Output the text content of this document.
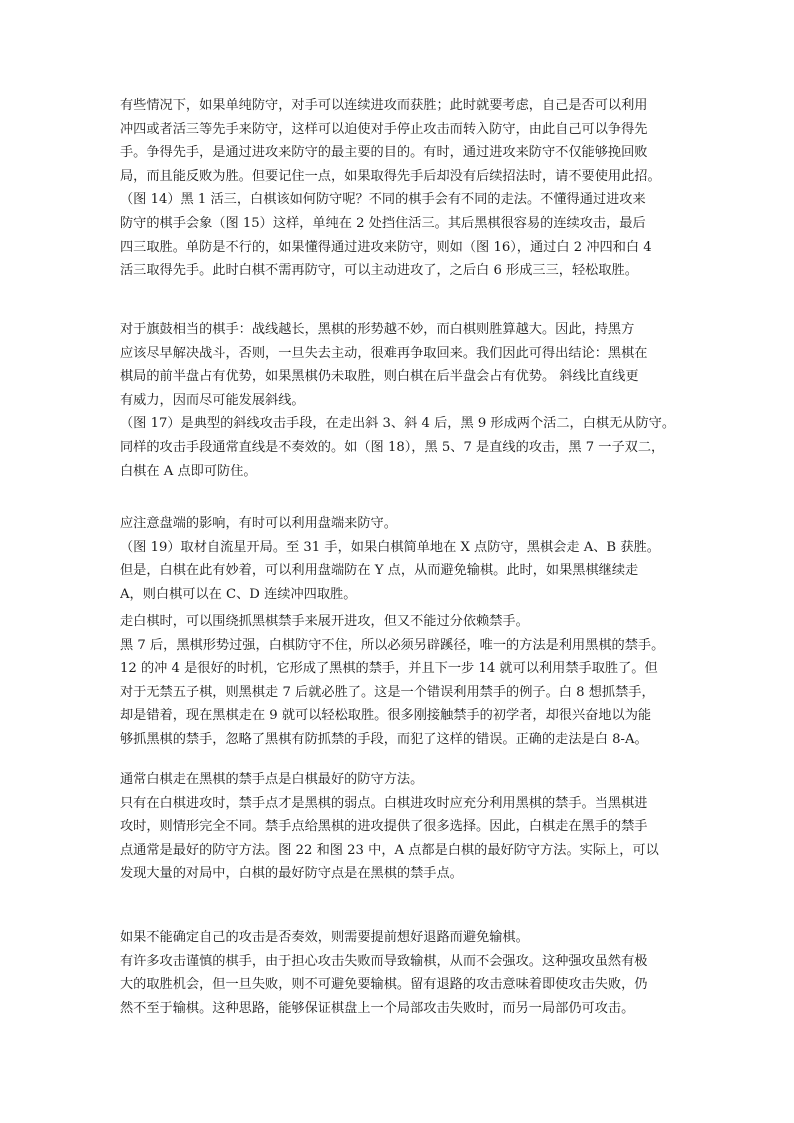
有些情况下，如果单纯防守，对手可以连续进攻而获胜；此时就要考虑，自己是否可以利用
冲四或者活三等先手来防守，这样可以迫使对手停止攻击而转入防守，由此自己可以争得先
手。争得先手，是通过进攻来防守的最主要的目的。有时，通过进攻来防守不仅能够挽回败
局，而且能反败为胜。但要记住一点，如果取得先手后却没有后续招法时，请不要使用此招。
（图 14）黑 1 活三，白棋该如何防守呢？不同的棋手会有不同的走法。不懂得通过进攻来
防守的棋手会象（图 15）这样，单纯在 2 处挡住活三。其后黑棋很容易的连续攻击，最后
四三取胜。单防是不行的，如果懂得通过进攻来防守，则如（图 16），通过白 2 冲四和白 4
活三取得先手。此时白棋不需再防守，可以主动进攻了，之后白 6 形成三三，轻松取胜。
对于旗鼓相当的棋手：战线越长，黑棋的形势越不妙，而白棋则胜算越大。因此，持黑方
应该尽早解决战斗，否则，一旦失去主动，很难再争取回来。我们因此可得出结论：黑棋在
棋局的前半盘占有优势，如果黑棋仍未取胜，则白棋在后半盘会占有优势。 斜线比直线更
有威力，因而尽可能发展斜线。
（图 17）是典型的斜线攻击手段，在走出斜 3、斜 4 后，黑 9 形成两个活二，白棋无从防守。
同样的攻击手段通常直线是不奏效的。如（图 18），黑 5、7 是直线的攻击，黑 7 一子双二，
白棋在 A 点即可防住。
应注意盘端的影响，有时可以利用盘端来防守。
（图 19）取材自流星开局。至 31 手，如果白棋简单地在 X 点防守，黑棋会走 A、B 获胜。
但是，白棋在此有妙着，可以利用盘端防在 Y 点，从而避免输棋。此时，如果黑棋继续走
A，则白棋可以在 C、D 连续冲四取胜。
走白棋时，可以围绕抓黑棋禁手来展开进攻，但又不能过分依赖禁手。
黑 7 后，黑棋形势过强，白棋防守不住，所以必须另辟蹊径，唯一的方法是利用黑棋的禁手。
12 的冲 4 是很好的时机，它形成了黑棋的禁手，并且下一步 14 就可以利用禁手取胜了。但
对于无禁五子棋，则黑棋走 7 后就必胜了。这是一个错误利用禁手的例子。白 8 想抓禁手，
却是错着，现在黑棋走在 9 就可以轻松取胜。很多刚接触禁手的初学者，却很兴奋地以为能
够抓黑棋的禁手，忽略了黑棋有防抓禁的手段，而犯了这样的错误。正确的走法是白 8-A。
通常白棋走在黑棋的禁手点是白棋最好的防守方法。
只有在白棋进攻时，禁手点才是黑棋的弱点。白棋进攻时应充分利用黑棋的禁手。当黑棋进
攻时，则情形完全不同。禁手点给黑棋的进攻提供了很多选择。因此，白棋走在黑手的禁手
点通常是最好的防守方法。图 22 和图 23 中，A 点都是白棋的最好防守方法。实际上，可以
发现大量的对局中，白棋的最好防守点是在黑棋的禁手点。
如果不能确定自己的攻击是否奏效，则需要提前想好退路而避免输棋。
有许多攻击谨慎的棋手，由于担心攻击失败而导致输棋，从而不会强攻。这种强攻虽然有极
大的取胜机会，但一旦失败，则不可避免要输棋。留有退路的攻击意味着即使攻击失败，仍
然不至于输棋。这种思路，能够保证棋盘上一个局部攻击失败时，而另一局部仍可攻击。
